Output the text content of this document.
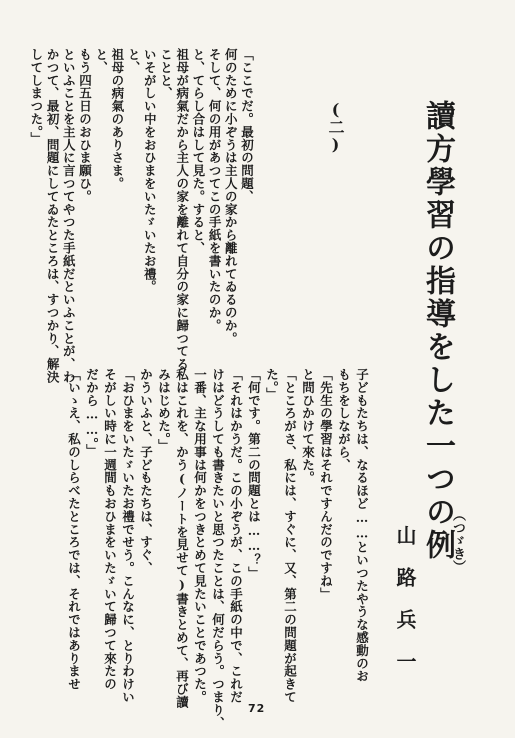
讀方學習の指導をした一つの例
（つゞき）
山路兵一
(二)
子どもたちは、なるほど……といつたやうな感動のお
もちをしながら、
「先生の學習はそれですんだのですね」
と問ひかけて來た。
「ところがさ、私には、すぐに、又、第二の問題が起きて
た。」
「何です。第二の問題とは……？」
「それはかうだ。この小ぞうが、この手紙の中で、これだ
けはどうしても書きたいと思つたことは、何だらう。つまり、
一番、主な用事は何かをつきとめて見たいことであつた。
私はこれを、かう(ノートを見せて)書きとめて、再び讀
みはじめた。」
かういふと、子どもたちは、すぐ、
「おひまをいたゞいたお禮でせう。こんなに、とりわけい
そがしい時に一週間もおひまをいたゞいて歸つて來たの
だから……。」
「いゝえ、私のしらべたところでは、それではありませ
「ここでだ。最初の問題、
何のために小ぞうは主人の家から離れてゐるのか。
そして、何の用があつてこの手紙を書いたのか。
と、てらし合はして見た。すると、
祖母が病氣だから主人の家を離れて自分の家に歸つてる
ことと、
いそがしい中をおひまをいたゞいたお禮。
と、
祖母の病氣のありさま。
と、
もう四五日のおひま願ひ。
といふことを主人に言つてやつた手紙だといふことが、わ
かつて、最初、問題にしてゐたところは、すつかり、解決
してしまつた。」
72
